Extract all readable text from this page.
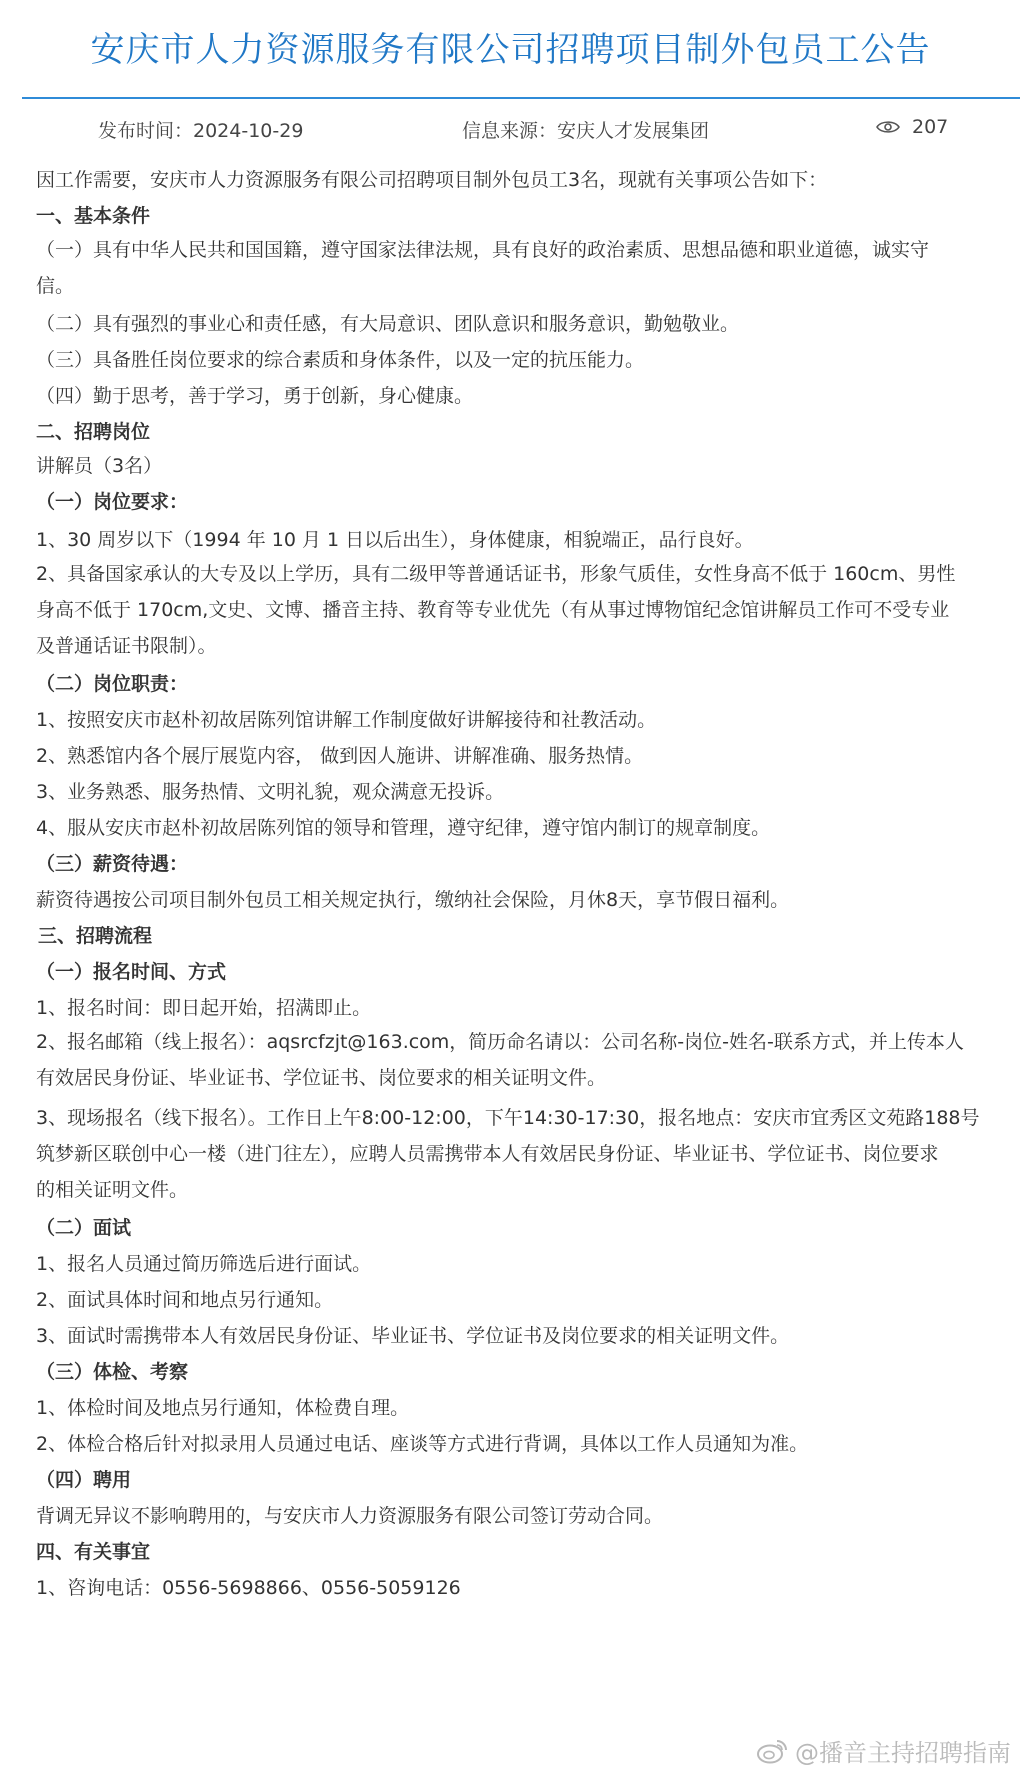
安庆市人力资源服务有限公司招聘项目制外包员工公告
发布时间：2024-10-29	信息来源：安庆人才发展集团	207
因工作需要，安庆市人力资源服务有限公司招聘项目制外包员工3名，现就有关事项公告如下：
一、基本条件
（一）具有中华人民共和国国籍，遵守国家法律法规，具有良好的政治素质、思想品德和职业道德，诚实守
信。
（二）具有强烈的事业心和责任感，有大局意识、团队意识和服务意识，勤勉敬业。
（三）具备胜任岗位要求的综合素质和身体条件，以及一定的抗压能力。
（四）勤于思考，善于学习，勇于创新，身心健康。
二、招聘岗位
讲解员（3名）
（一）岗位要求：
1、30 周岁以下（1994 年 10 月 1 日以后出生），身体健康，相貌端正，品行良好。
2、具备国家承认的大专及以上学历，具有二级甲等普通话证书，形象气质佳，女性身高不低于 160cm、男性
身高不低于 170cm,文史、文博、播音主持、教育等专业优先（有从事过博物馆纪念馆讲解员工作可不受专业
及普通话证书限制）。
（二）岗位职责：
1、按照安庆市赵朴初故居陈列馆讲解工作制度做好讲解接待和社教活动。
2、熟悉馆内各个展厅展览内容， 做到因人施讲、讲解准确、服务热情。
3、业务熟悉、服务热情、文明礼貌，观众满意无投诉。
4、服从安庆市赵朴初故居陈列馆的领导和管理，遵守纪律，遵守馆内制订的规章制度。
（三）薪资待遇：
薪资待遇按公司项目制外包员工相关规定执行，缴纳社会保险，月休8天，享节假日福利。
三、招聘流程
（一）报名时间、方式
1、报名时间：即日起开始，招满即止。
2、报名邮箱（线上报名）：aqsrcfzjt@163.com，简历命名请以：公司名称-岗位-姓名-联系方式，并上传本人
有效居民身份证、毕业证书、学位证书、岗位要求的相关证明文件。
3、现场报名（线下报名）。工作日上午8:00-12:00，下午14:30-17:30，报名地点：安庆市宜秀区文苑路188号
筑梦新区联创中心一楼（进门往左），应聘人员需携带本人有效居民身份证、毕业证书、学位证书、岗位要求
的相关证明文件。
（二）面试
1、报名人员通过简历筛选后进行面试。
2、面试具体时间和地点另行通知。
3、面试时需携带本人有效居民身份证、毕业证书、学位证书及岗位要求的相关证明文件。
（三）体检、考察
1、体检时间及地点另行通知，体检费自理。
2、体检合格后针对拟录用人员通过电话、座谈等方式进行背调，具体以工作人员通知为准。
（四）聘用
背调无异议不影响聘用的，与安庆市人力资源服务有限公司签订劳动合同。
四、有关事宜
1、咨询电话：0556-5698866、0556-5059126
@播音主持招聘指南
